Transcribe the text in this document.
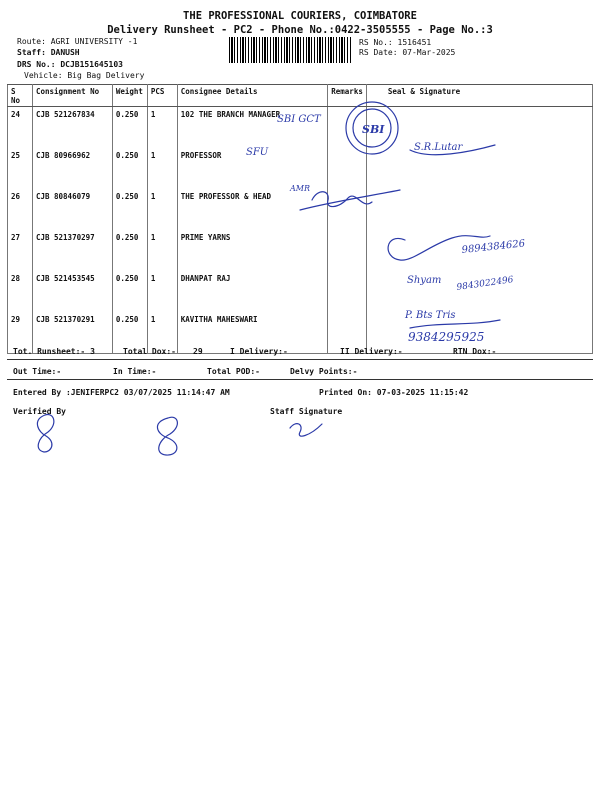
THE PROFESSIONAL COURIERS, COIMBATORE
Delivery Runsheet - PC2 - Phone No.:0422-3505555 - Page No.:3
Route: AGRI UNIVERSITY -1
Staff: DANUSH
DRS No.: DCJB151645103
Vehicle: Big Bag Delivery
RS No.: 1516451
RS Date: 07-Mar-2025
S No	Consignment No	Weight	PCS	Consignee Details	Remarks	Seal & Signature
24	CJB 521267834	0.250	1	102 THE BRANCH MANAGER		
25	CJB 80966962	0.250	1	PROFESSOR		
26	CJB 80846079	0.250	1	THE PROFESSOR & HEAD		
27	CJB 521370297	0.250	1	PRIME YARNS		
28	CJB 521453545	0.250	1	DHANPAT RAJ		
29	CJB 521370291	0.250	1	KAVITHA MAHESWARI		
Tot. Runsheet:- 3	Total Dox:- 29	I Delivery:-	II Delivery:-	RTN Dox:-
Out Time:-	In Time:-	Total POD:-	Delvy Points:-
Entered By :JENIFERPC2 03/07/2025 11:14:47 AM	Printed On: 07-03-2025 11:15:42
Verified By	Staff Signature
SBI GCT
SBI
SFU	S.R.Lutar
AMR
9894384626
Shyam 9843022496
P. Bts Tris
9384295925
